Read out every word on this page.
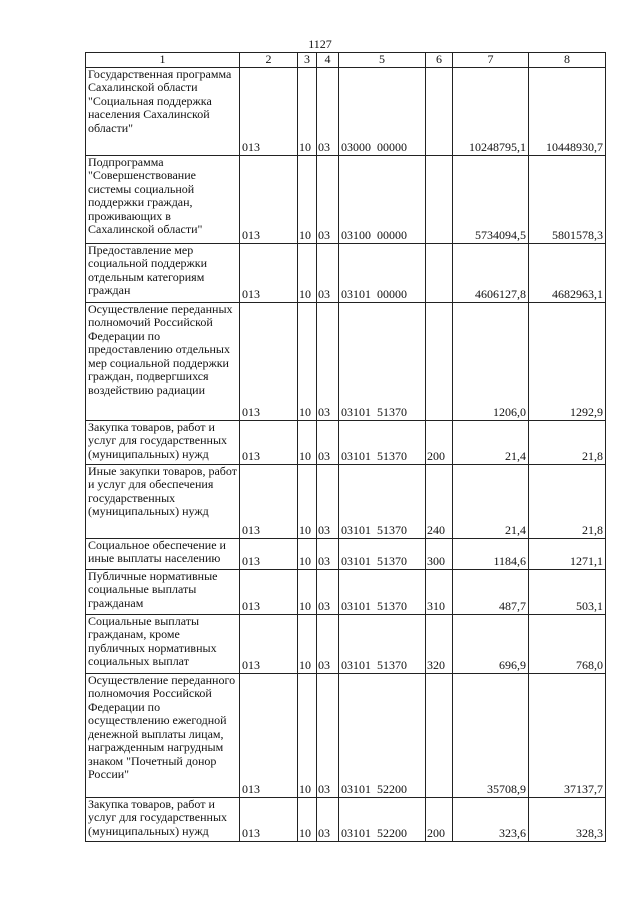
1127
1	2	3	4	5	6	7	8
Государственная программа Сахалинской области "Социальная поддержка населения Сахалинской области"	013	10	03	03000  00000		10248795,1	10448930,7
Подпрограмма "Совершенствование системы социальной поддержки граждан, проживающих в Сахалинской области"	013	10	03	03100  00000		5734094,5	5801578,3
Предоставление мер социальной поддержки отдельным категориям граждан	013	10	03	03101  00000		4606127,8	4682963,1
Осуществление переданных полномочий Российской Федерации по предоставлению отдельных мер социальной поддержки граждан, подвергшихся воздействию радиации	013	10	03	03101  51370		1206,0	1292,9
Закупка товаров, работ и услуг для государственных (муниципальных) нужд	013	10	03	03101  51370	200	21,4	21,8
Иные закупки товаров, работ и услуг для обеспечения государственных (муниципальных) нужд	013	10	03	03101  51370	240	21,4	21,8
Социальное обеспечение и иные выплаты населению	013	10	03	03101  51370	300	1184,6	1271,1
Публичные нормативные социальные выплаты гражданам	013	10	03	03101  51370	310	487,7	503,1
Социальные выплаты гражданам, кроме публичных нормативных социальных выплат	013	10	03	03101  51370	320	696,9	768,0
Осуществление переданного полномочия Российской Федерации по осуществлению ежегодной денежной выплаты лицам, награжденным нагрудным знаком "Почетный донор России"	013	10	03	03101  52200		35708,9	37137,7
Закупка товаров, работ и услуг для государственных (муниципальных) нужд	013	10	03	03101  52200	200	323,6	328,3
